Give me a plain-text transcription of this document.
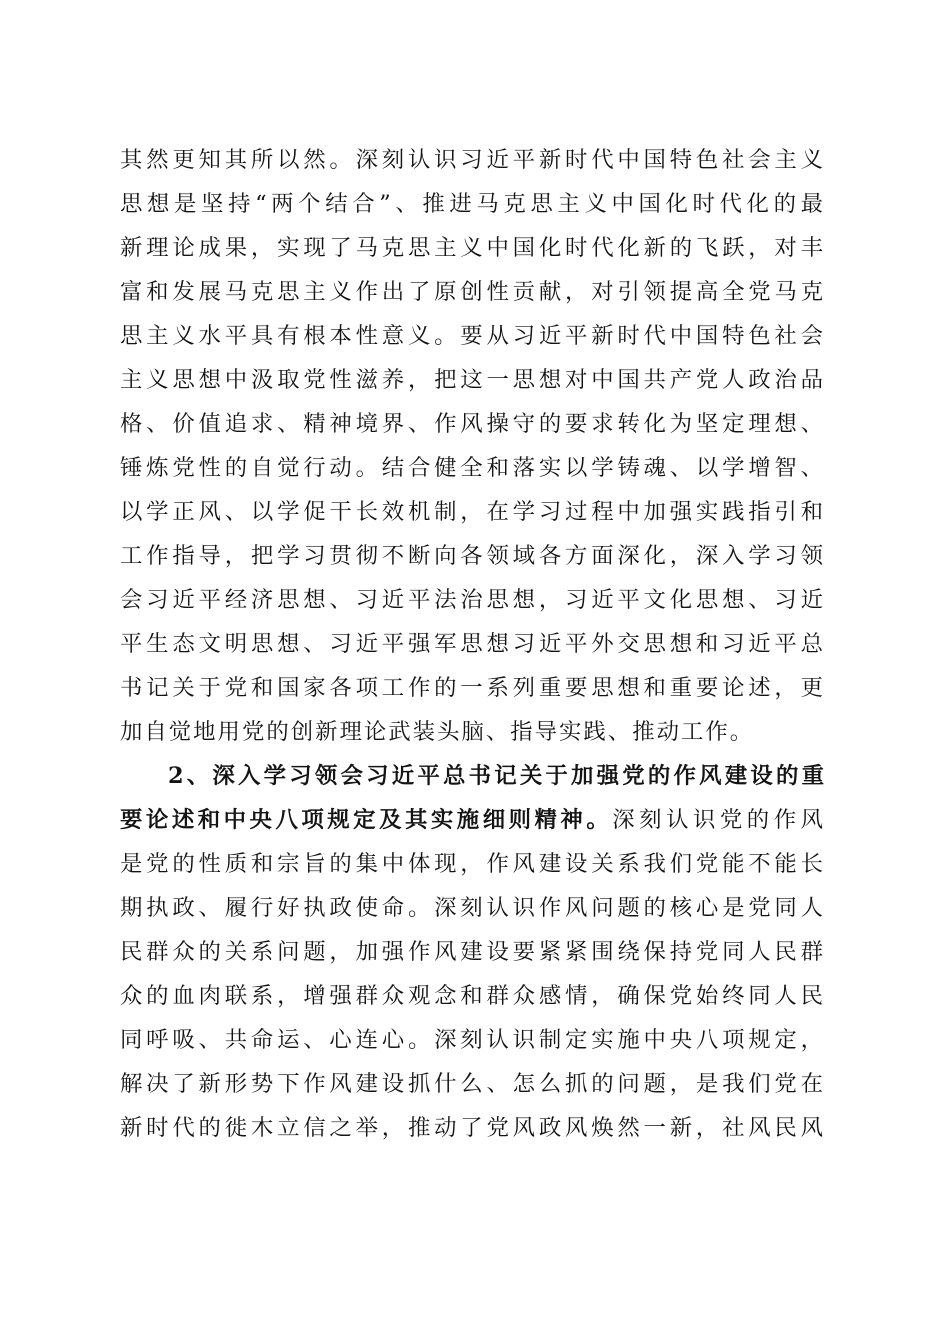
其然更知其所以然。深刻认识习近平新时代中国特色社会主义
思想是坚持“两个结合”、推进马克思主义中国化时代化的最
新理论成果，实现了马克思主义中国化时代化新的飞跃，对丰
富和发展马克思主义作出了原创性贡献，对引领提高全党马克
思主义水平具有根本性意义。要从习近平新时代中国特色社会
主义思想中汲取党性滋养，把这一思想对中国共产党人政治品
格、价值追求、精神境界、作风操守的要求转化为坚定理想、
锤炼党性的自觉行动。结合健全和落实以学铸魂、以学增智、
以学正风、以学促干长效机制，在学习过程中加强实践指引和
工作指导，把学习贯彻不断向各领域各方面深化，深入学习领
会习近平经济思想、习近平法治思想，习近平文化思想、习近
平生态文明思想、习近平强军思想习近平外交思想和习近平总
书记关于党和国家各项工作的一系列重要思想和重要论述，更
加自觉地用党的创新理论武装头脑、指导实践、推动工作。
2、深入学习领会习近平总书记关于加强党的作风建设的重
要论述和中央八项规定及其实施细则精神。深刻认识党的作风
是党的性质和宗旨的集中体现，作风建设关系我们党能不能长
期执政、履行好执政使命。深刻认识作风问题的核心是党同人
民群众的关系问题，加强作风建设要紧紧围绕保持党同人民群
众的血肉联系，增强群众观念和群众感情，确保党始终同人民
同呼吸、共命运、心连心。深刻认识制定实施中央八项规定，
解决了新形势下作风建设抓什么、怎么抓的问题，是我们党在
新时代的徙木立信之举，推动了党风政风焕然一新，社风民风
